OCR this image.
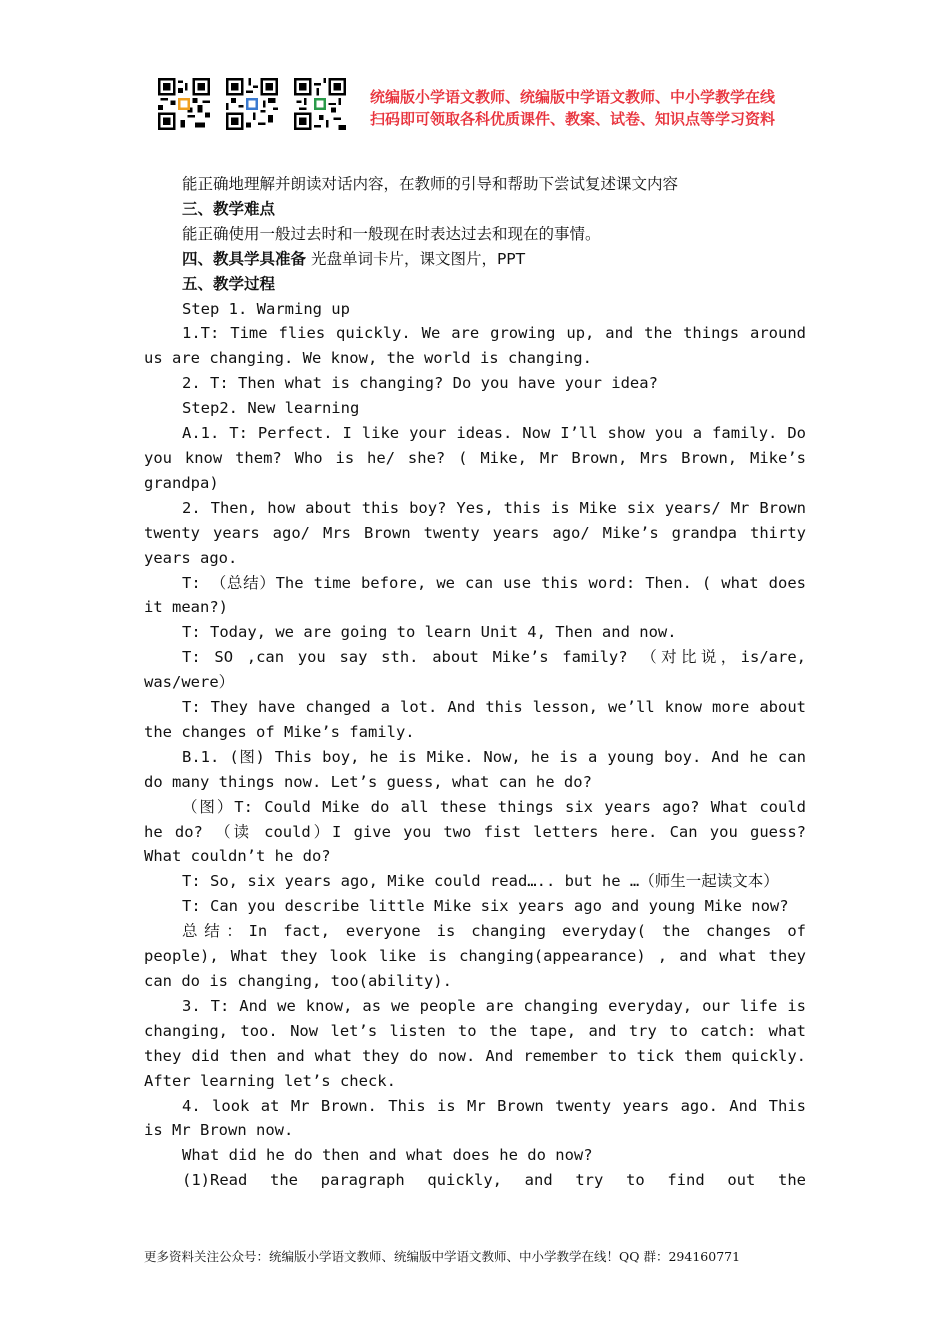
统编版小学语文教师、统编版中学语文教师、中小学教学在线
扫码即可领取各科优质课件、教案、试卷、知识点等学习资料

能正确地理解并朗读对话内容，在教师的引导和帮助下尝试复述课文内容

三、教学难点

能正确使用一般过去时和一般现在时表达过去和现在的事情。

四、教具学具准备 光盘单词卡片，课文图片，PPT

五、教学过程

Step 1. Warming up

1.T: Time flies quickly. We are growing up, and the things around us are changing. We know, the world is changing.

2. T: Then what is changing? Do you have your idea?

Step2. New learning

A.1. T: Perfect. I like your ideas. Now I’ll show you a family. Do you know them? Who is he/ she? ( Mike, Mr Brown, Mrs Brown, Mike’s grandpa)

2. Then, how about this boy? Yes, this is Mike six years/ Mr Brown twenty years ago/ Mrs Brown twenty years ago/ Mike’s grandpa thirty years ago.

T: （总结）The time before, we can use this word: Then. ( what does it mean?)

T: Today, we are going to learn Unit 4, Then and now.

T: SO ,can you say sth. about Mike’s family? （对比说，is/are, was/were）

T: They have changed a lot. And this lesson, we’ll know more about the changes of Mike’s family.

B.1. (图) This boy, he is Mike. Now, he is a young boy. And he can do many things now. Let’s guess, what can he do?

（图）T: Could Mike do all these things six years ago? What could he do? （读 could）I give you two fist letters here. Can you guess? What couldn’t he do?

T: So, six years ago, Mike could read….. but he …（师生一起读文本）

T: Can you describe little Mike six years ago and young Mike now?

总结：In fact, everyone is changing everyday( the changes of people), What they look like is changing(appearance) , and what they can do is changing, too(ability).

3. T: And we know, as we people are changing everyday, our life is changing, too. Now let’s listen to the tape, and try to catch: what they did then and what they do now. And remember to tick them quickly. After learning let’s check.

4. look at Mr Brown. This is Mr Brown twenty years ago. And This is Mr Brown now.

What did he do then and what does he do now?

(1)Read the paragraph quickly, and try to find out the

更多资料关注公众号：统编版小学语文教师、统编版中学语文教师、中小学教学在线！QQ 群：294160771
